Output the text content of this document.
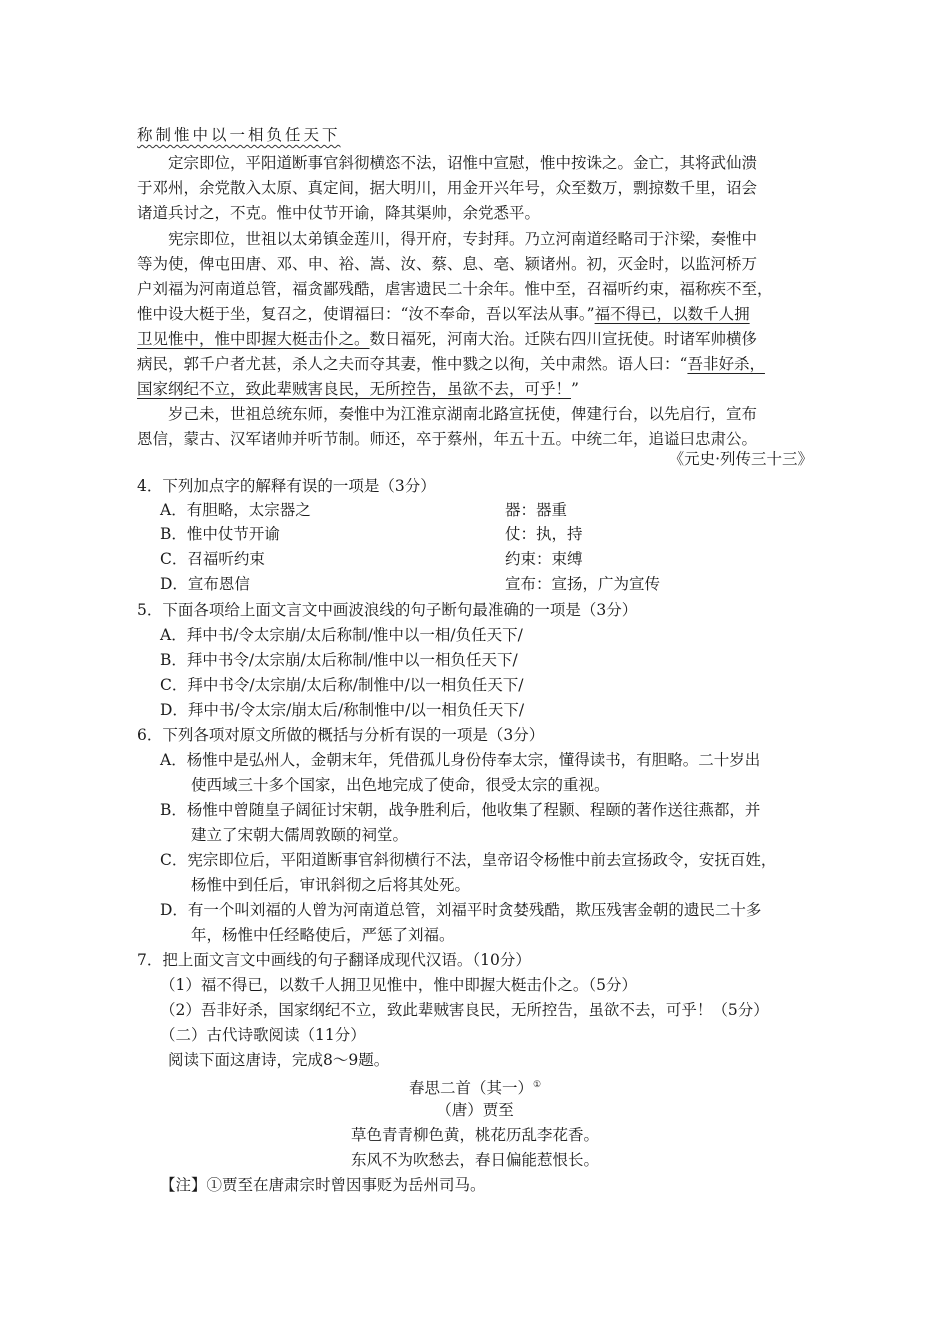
称制惟中以一相负任天下
定宗即位，平阳道断事官斜彻横恣不法，诏惟中宣慰，惟中按诛之。金亡，其将武仙溃
于邓州，余党散入太原、真定间，据大明川，用金开兴年号，众至数万，剽掠数千里，诏会
诸道兵讨之，不克。惟中仗节开谕，降其渠帅，余党悉平。
宪宗即位，世祖以太弟镇金莲川，得开府，专封拜。乃立河南道经略司于汴梁，奏惟中
等为使，俾屯田唐、邓、申、裕、嵩、汝、蔡、息、亳、颍诸州。初，灭金时，以监河桥万
户刘福为河南道总管，福贪鄙残酷，虐害遗民二十余年。惟中至，召福听约束，福称疾不至，
惟中设大梃于坐，复召之，使谓福曰：“汝不奉命，吾以军法从事。”福不得已，以数千人拥
卫见惟中，惟中即握大梃击仆之。数日福死，河南大治。迁陕右四川宣抚使。时诸军帅横侈
病民，郭千户者尤甚，杀人之夫而夺其妻，惟中戮之以徇，关中肃然。语人曰：“吾非好杀，
国家纲纪不立，致此辈贼害良民，无所控告，虽欲不去，可乎！”
岁己未，世祖总统东师，奏惟中为江淮京湖南北路宣抚使，俾建行台，以先启行，宣布
恩信，蒙古、汉军诸帅并听节制。师还，卒于蔡州，年五十五。中统二年，追谥曰忠肃公。
《元史·列传三十三》
4．下列加点字的解释有误的一项是（3分）
A．有胆略，太宗器之	器：器重
B．惟中仗节开谕	仗：执，持
C．召福听约束	约束：束缚
D．宣布恩信	宣布：宣扬，广为宣传
5．下面各项给上面文言文中画波浪线的句子断句最准确的一项是（3分）
A．拜中书/令太宗崩/太后称制/惟中以一相/负任天下/
B．拜中书令/太宗崩/太后称制/惟中以一相负任天下/
C．拜中书令/太宗崩/太后称/制惟中/以一相负任天下/
D．拜中书/令太宗/崩太后/称制惟中/以一相负任天下/
6．下列各项对原文所做的概括与分析有误的一项是（3分）
A．杨惟中是弘州人，金朝末年，凭借孤儿身份侍奉太宗，懂得读书，有胆略。二十岁出
使西域三十多个国家，出色地完成了使命，很受太宗的重视。
B．杨惟中曾随皇子阔征讨宋朝，战争胜利后，他收集了程颢、程颐的著作送往燕都，并
建立了宋朝大儒周敦颐的祠堂。
C．宪宗即位后，平阳道断事官斜彻横行不法，皇帝诏令杨惟中前去宣扬政令，安抚百姓，
杨惟中到任后，审讯斜彻之后将其处死。
D．有一个叫刘福的人曾为河南道总管，刘福平时贪婪残酷，欺压残害金朝的遗民二十多
年，杨惟中任经略使后，严惩了刘福。
7．把上面文言文中画线的句子翻译成现代汉语。（10分）
（1）福不得已，以数千人拥卫见惟中，惟中即握大梃击仆之。（5分）
（2）吾非好杀，国家纲纪不立，致此辈贼害良民，无所控告，虽欲不去，可乎！（5分）
（二）古代诗歌阅读（11分）
阅读下面这唐诗，完成8～9题。
春思二首（其一）①
（唐）贾至
草色青青柳色黄，桃花历乱李花香。
东风不为吹愁去，春日偏能惹恨长。
【注】①贾至在唐肃宗时曾因事贬为岳州司马。
